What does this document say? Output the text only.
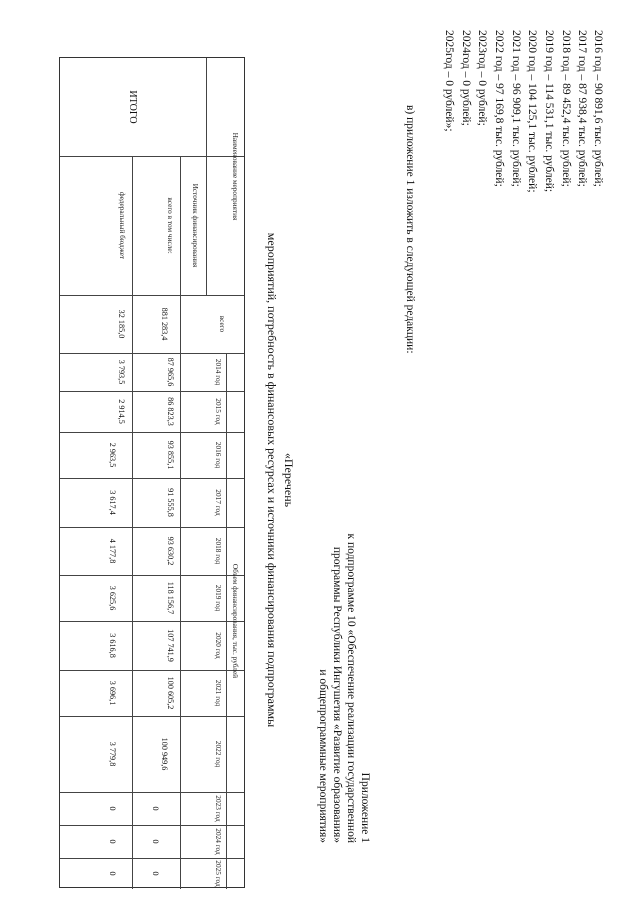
2016 год – 90 891,6 тыс. рублей;
2017 год – 87 938,4 тыс. рублей;
2018 год – 89 452,4 тыс. рублей;
2019 год – 114 531,1 тыс. рублей;
2020 год – 104 125,1 тыс. рублей;
2021 год – 96 909,1 тыс. рублей;
2022 год – 97 169,8 тыс. рублей;
2023год – 0 рублей;
2024год – 0 рублей;
2025год – 0 рублей»;
в) приложение 1 изложить в следующей редакции:
Приложение 1
к подпрограмме 10 «Обеспечение реализации государственной
программы Республики Ингушетия «Развитие образования»
и общепрограммные мероприятия»
«Перечень
мероприятий, потребность в финансовых ресурсах и источники финансирования подпрограммы
Наименование мероприятия
Источник финансирования
всего
Объем финансирования, тыс. рублей
2014 год
2015 год
2016 год
2017 год
2018 год
2019 год
2020 год
2021 год
2022 год
2023 год
2024 год
2025 год
ИТОГО
всего в том числе:
881 283,4
87 965,6
86 823,3
93 855,1
91 555,8
93 630,2
118 156,7
107 741,9
100 605,2
100 949,6
0
0
0
федеральный бюджет
32 185,0
3 793,5
2 914,5
2 963,5
3 617,4
4 177,8
3 625,6
3 616,8
3 696,1
3 779,8
0
0
0
